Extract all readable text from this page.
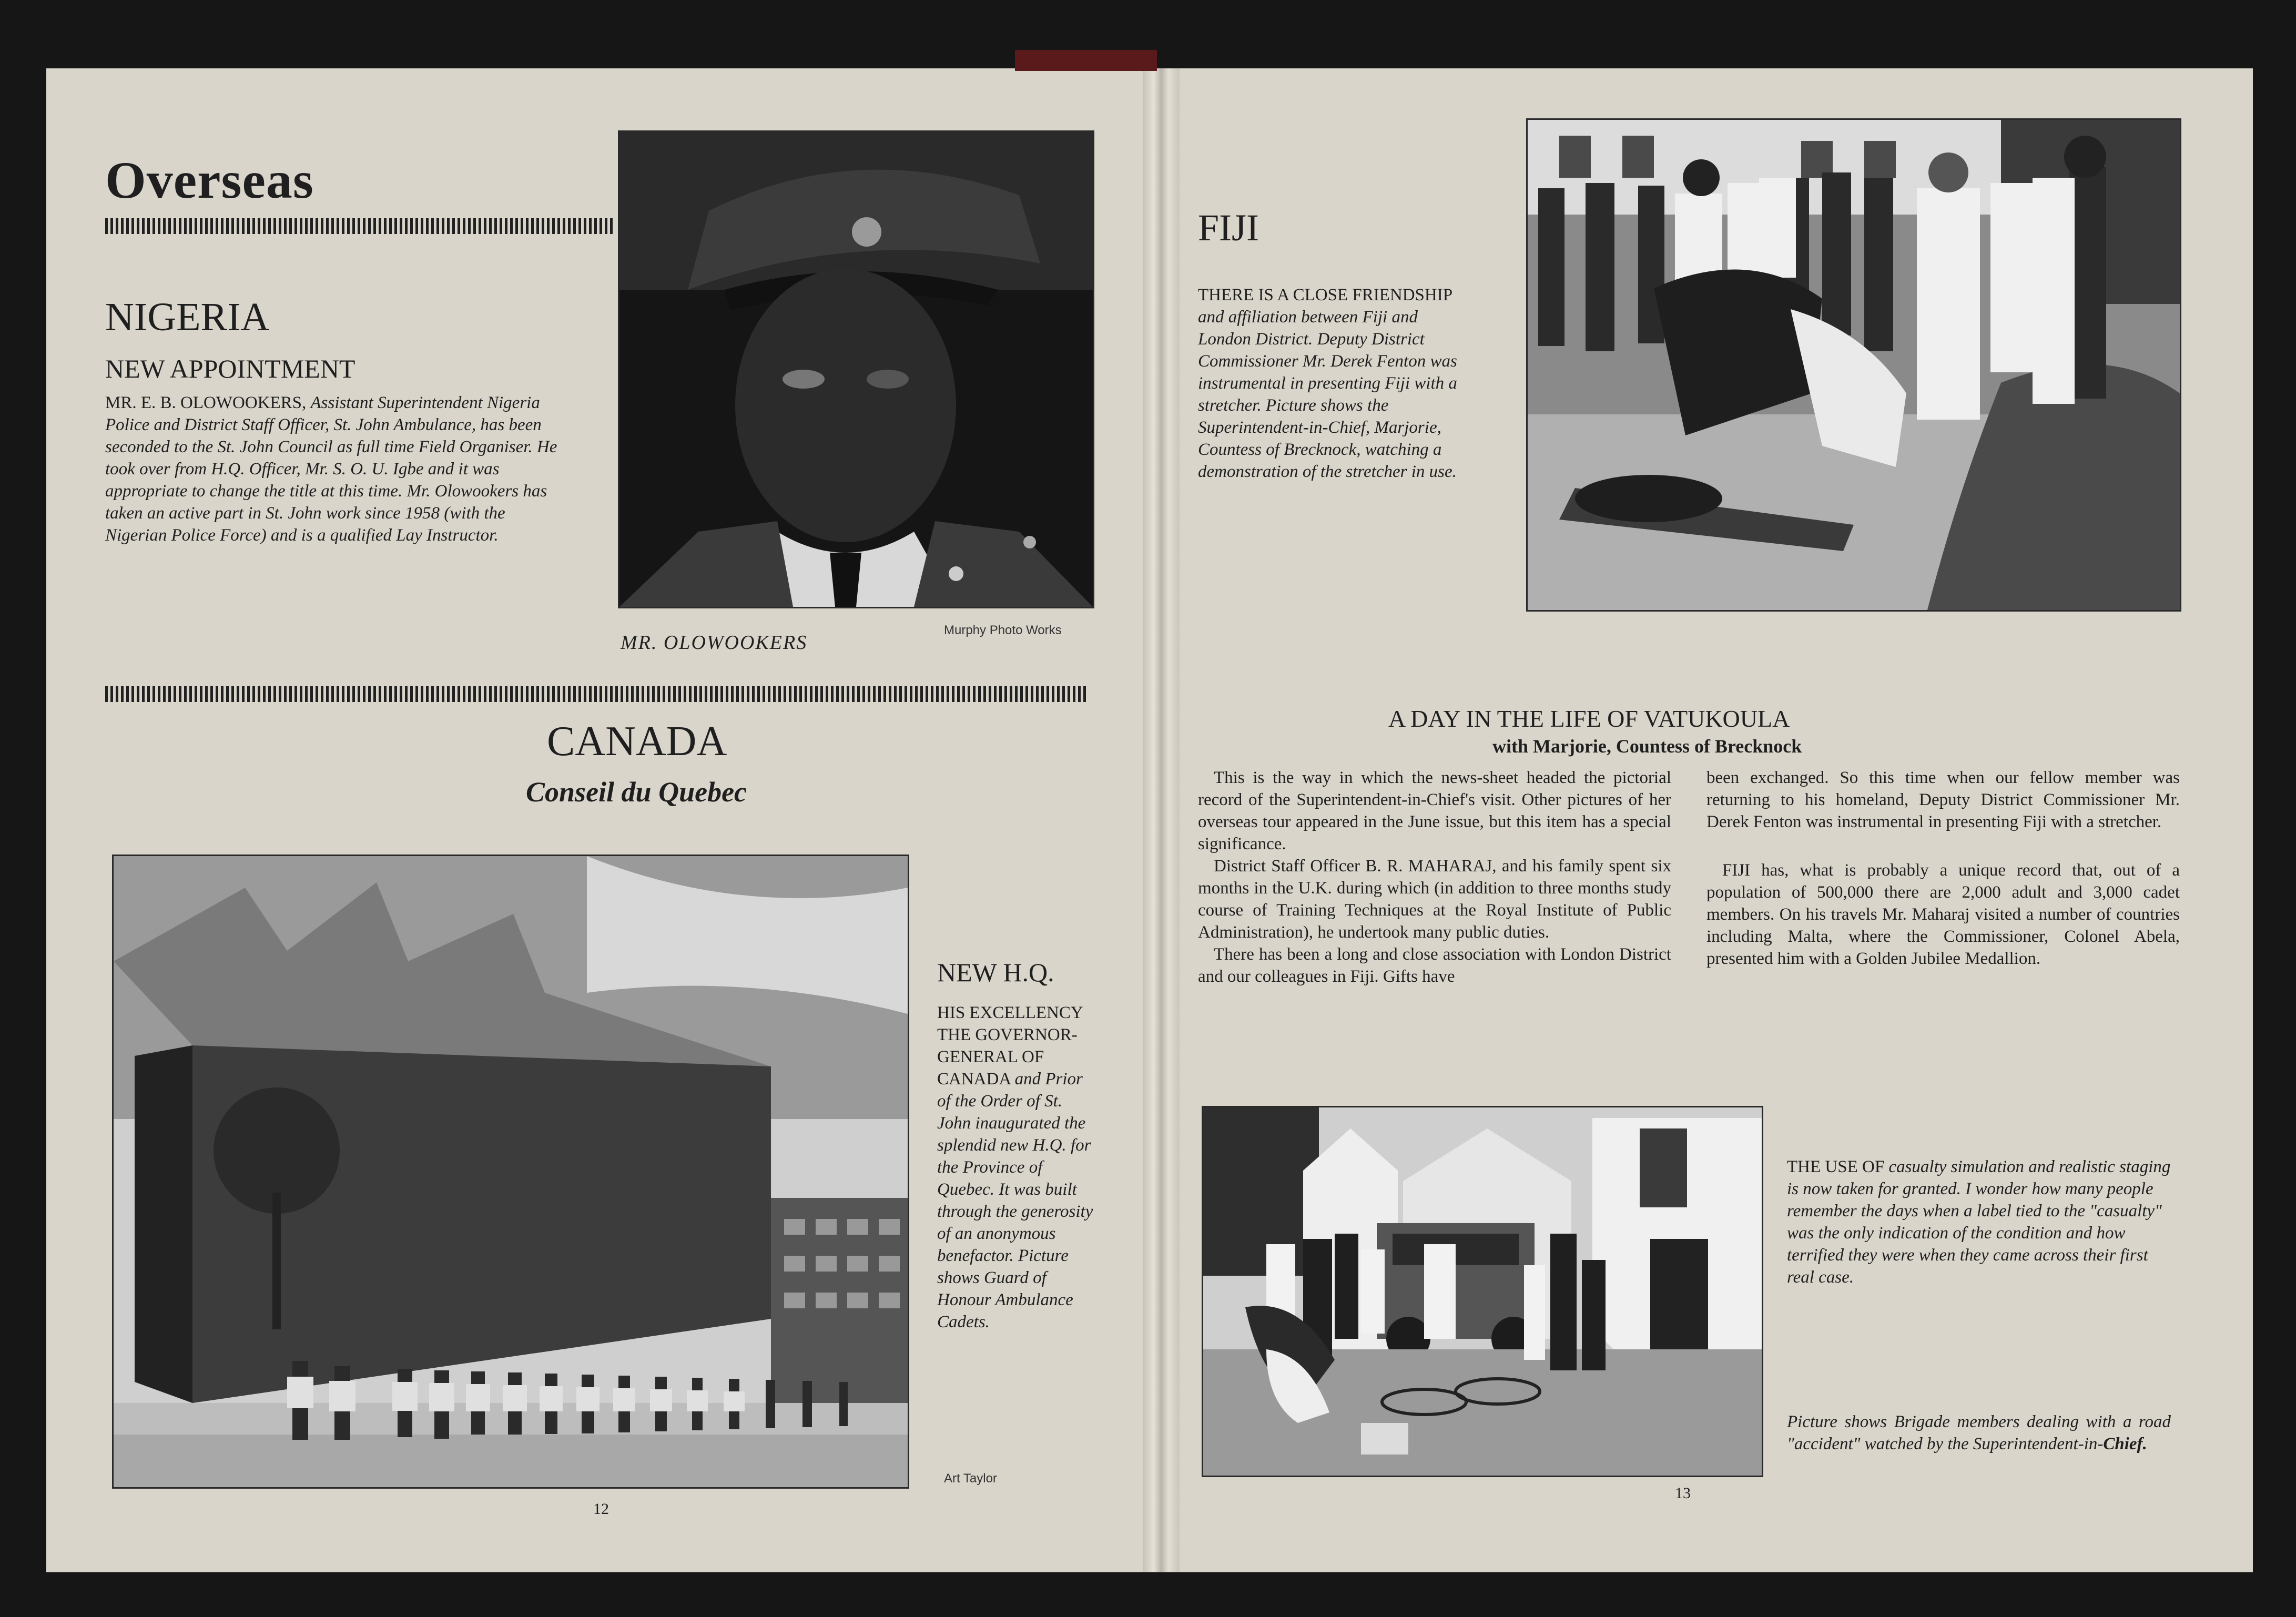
Overseas
NIGERIA
NEW APPOINTMENT
MR. E. B. OLOWOOKERS, Assistant Superintendent Nigeria Police and District Staff Officer, St. John Ambulance, has been seconded to the St. John Council as full time Field Organiser. He took over from H.Q. Officer, Mr. S. O. U. Igbe and it was appropriate to change the title at this time. Mr. Olowookers has taken an active part in St. John work since 1958 (with the Nigerian Police Force) and is a qualified Lay Instructor.
MR. OLOWOOKERS
Murphy Photo Works
CANADA
Conseil du Quebec
NEW H.Q.
HIS EXCELLENCY THE GOVERNOR-GENERAL OF CANADA and Prior of the Order of St. John inaugurated the splendid new H.Q. for the Province of Quebec. It was built through the generosity of an anonymous benefactor. Picture shows Guard of Honour Ambulance Cadets.
Art Taylor
12
FIJI
THERE IS A CLOSE FRIENDSHIP and affiliation between Fiji and London District. Deputy District Commissioner Mr. Derek Fenton was instrumental in presenting Fiji with a stretcher. Picture shows the Superintendent-in-Chief, Marjorie, Countess of Brecknock, watching a demonstration of the stretcher in use.
A DAY IN THE LIFE OF VATUKOULA
with Marjorie, Countess of Brecknock

This is the way in which the news-sheet headed the pictorial record of the Superintendent-in-Chief's visit. Other pictures of her overseas tour appeared in the June issue, but this item has a special significance.

District Staff Officer B. R. MAHARAJ, and his family spent six months in the U.K. during which (in addition to three months study course of Training Techniques at the Royal Institute of Public Administration), he undertook many public duties.

There has been a long and close association with London District and our colleagues in Fiji. Gifts have

been exchanged. So this time when our fellow member was returning to his homeland, Deputy District Commissioner Mr. Derek Fenton was instrumental in presenting Fiji with a stretcher.

FIJI has, what is probably a unique record that, out of a population of 500,000 there are 2,000 adult and 3,000 cadet members. On his travels Mr. Maharaj visited a number of countries including Malta, where the Commissioner, Colonel Abela, presented him with a Golden Jubilee Medallion.

THE USE OF casualty simulation and realistic staging is now taken for granted. I wonder how many people remember the days when a label tied to the "casualty" was the only indication of the condition and how terrified they were when they came across their first real case.
Picture shows Brigade members dealing with a road "accident" watched by the Superintendent-in-Chief.
13
